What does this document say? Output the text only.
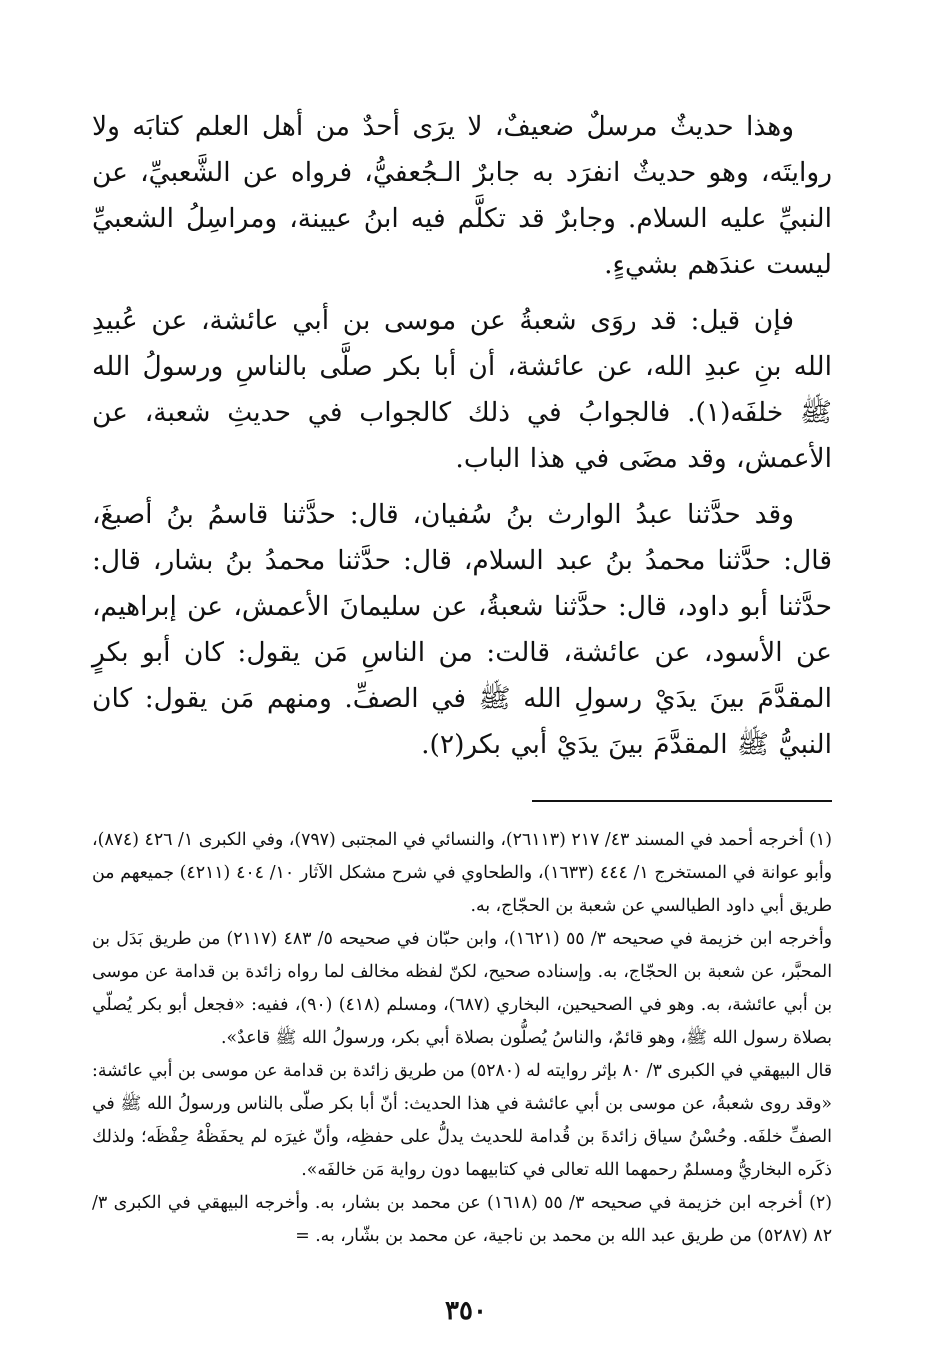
وهذا حديثٌ مرسلٌ ضعيفٌ، لا يرَى أحدٌ من أهل العلم كتابَه ولا روايتَه، وهو حديثٌ انفرَد به جابرٌ الـجُعفيُّ، فرواه عن الشَّعبيِّ، عن النبيِّ عليه السلام. وجابرٌ قد تكلَّم فيه ابنُ عيينة، ومراسِلُ الشعبيِّ ليست عندَهم بشيءٍ.

فإن قيل: قد روَى شعبةُ عن موسى بن أبي عائشة، عن عُبيدِ الله بنِ عبدِ الله، عن عائشة، أن أبا بكر صلَّى بالناسِ ورسولُ الله ﷺ خلفَه(١). فالجوابُ في ذلك كالجواب في حديثِ شعبة، عن الأعمش، وقد مضَى في هذا الباب.

وقد حدَّثنا عبدُ الوارث بنُ سُفيان، قال: حدَّثنا قاسمُ بنُ أصبغَ، قال: حدَّثنا محمدُ بنُ عبد السلام، قال: حدَّثنا محمدُ بنُ بشار، قال: حدَّثنا أبو داود، قال: حدَّثنا شعبةُ، عن سليمانَ الأعمش، عن إبراهيم، عن الأسود، عن عائشة، قالت: من الناسِ مَن يقول: كان أبو بكرٍ المقدَّمَ بينَ يدَيْ رسولِ الله ﷺ في الصفِّ. ومنهم مَن يقول: كان النبيُّ ﷺ المقدَّمَ بينَ يدَيْ أبي بكر(٢).

(١) أخرجه أحمد في المسند ٤٣/ ٢١٧ (٢٦١١٣)، والنسائي في المجتبى (٧٩٧)، وفي الكبرى ١/ ٤٢٦ (٨٧٤)، وأبو عوانة في المستخرج ١/ ٤٤٤ (١٦٣٣)، والطحاوي في شرح مشكل الآثار ١٠/ ٤٠٤ (٤٢١١) جميعهم من طريق أبي داود الطيالسي عن شعبة بن الحجّاج، به.
وأخرجه ابن خزيمة في صحيحه ٣/ ٥٥ (١٦٢١)، وابن حبّان في صحيحه ٥/ ٤٨٣ (٢١١٧) من طريق بَدَل بن المحبَّر، عن شعبة بن الحجّاج، به. وإسناده صحيح، لكنّ لفظه مخالف لما رواه زائدة بن قدامة عن موسى بن أبي عائشة، به. وهو في الصحيحين، البخاري (٦٨٧)، ومسلم (٤١٨) (٩٠)، ففيه: «فجعل أبو بكر يُصلّي بصلاة رسول الله ﷺ، وهو قائمٌ، والناسُ يُصلُّون بصلاة أبي بكر، ورسولُ الله ﷺ قاعدٌ».
قال البيهقي في الكبرى ٣/ ٨٠ بإثر روايته له (٥٢٨٠) من طريق زائدة بن قدامة عن موسى بن أبي عائشة: «وقد روى شعبةُ، عن موسى بن أبي عائشة في هذا الحديث: أنّ أبا بكر صلّى بالناس ورسولُ الله ﷺ في الصفِّ خلفَه. وحُسْنُ سياق زائدةَ بن قُدامة للحديث يدلُّ على حفظِه، وأنّ غيرَه لم يحفَظْهُ حِفْظَه؛ ولذلك ذكَره البخاريُّ ومسلمٌ رحمهما الله تعالى في كتابيهما دون رواية مَن خالفَه».
(٢) أخرجه ابن خزيمة في صحيحه ٣/ ٥٥ (١٦١٨) عن محمد بن بشار، به. وأخرجه البيهقي في الكبرى ٣/ ٨٢ (٥٢٨٧) من طريق عبد الله بن محمد بن ناجية، عن محمد بن بشّار، به. =
٣٥٠
